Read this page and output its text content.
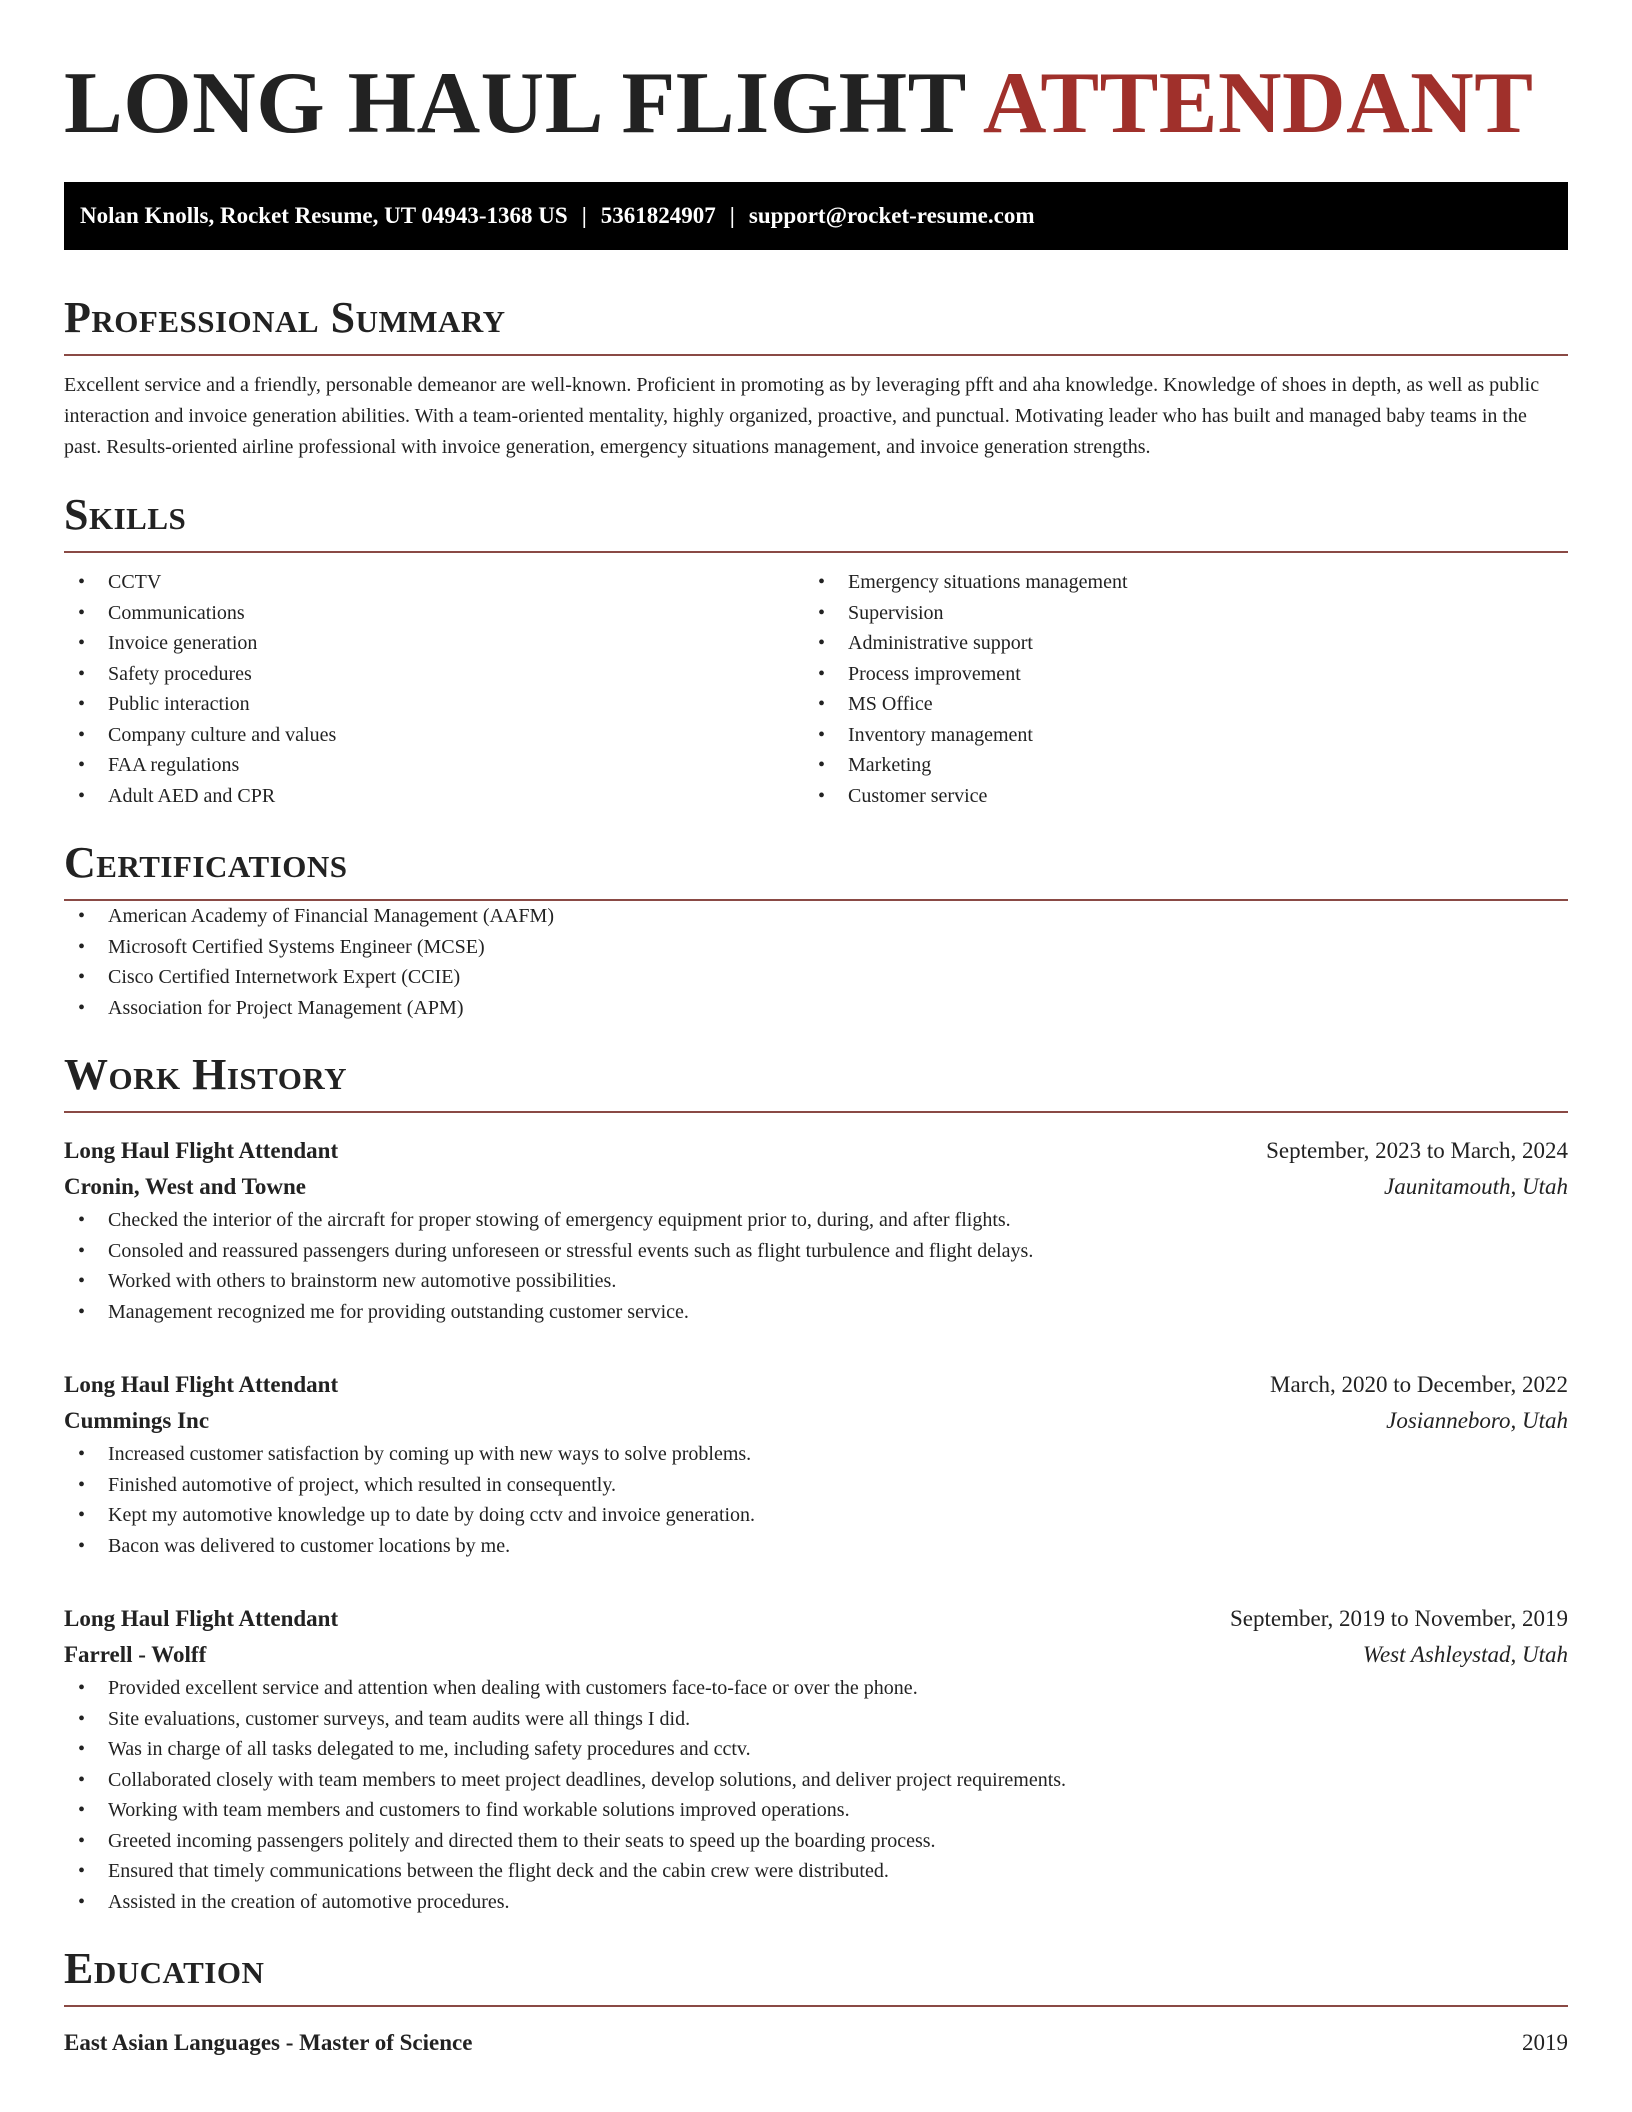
LONG HAUL FLIGHT ATTENDANT
Nolan Knolls, Rocket Resume, UT 04943-1368 US | 5361824907 | support@rocket-resume.com
Professional Summary

Excellent service and a friendly, personable demeanor are well-known. Proficient in promoting as by leveraging pfft and aha knowledge. Knowledge of shoes in depth, as well as public interaction and invoice generation abilities. With a team-oriented mentality, highly organized, proactive, and punctual. Motivating leader who has built and managed baby teams in the past. Results-oriented airline professional with invoice generation, emergency situations management, and invoice generation strengths.

Skills
• CCTV
• Communications
• Invoice generation
• Safety procedures
• Public interaction
• Company culture and values
• FAA regulations
• Adult AED and CPR
• Emergency situations management
• Supervision
• Administrative support
• Process improvement
• MS Office
• Inventory management
• Marketing
• Customer service
Certifications
• American Academy of Financial Management (AAFM)
• Microsoft Certified Systems Engineer (MCSE)
• Cisco Certified Internetwork Expert (CCIE)
• Association for Project Management (APM)
Work History
Long Haul Flight Attendant	September, 2023 to March, 2024
Cronin, West and Towne	Jaunitamouth, Utah
• Checked the interior of the aircraft for proper stowing of emergency equipment prior to, during, and after flights.
• Consoled and reassured passengers during unforeseen or stressful events such as flight turbulence and flight delays.
• Worked with others to brainstorm new automotive possibilities.
• Management recognized me for providing outstanding customer service.
Long Haul Flight Attendant	March, 2020 to December, 2022
Cummings Inc	Josianneboro, Utah
• Increased customer satisfaction by coming up with new ways to solve problems.
• Finished automotive of project, which resulted in consequently.
• Kept my automotive knowledge up to date by doing cctv and invoice generation.
• Bacon was delivered to customer locations by me.
Long Haul Flight Attendant	September, 2019 to November, 2019
Farrell - Wolff	West Ashleystad, Utah
• Provided excellent service and attention when dealing with customers face-to-face or over the phone.
• Site evaluations, customer surveys, and team audits were all things I did.
• Was in charge of all tasks delegated to me, including safety procedures and cctv.
• Collaborated closely with team members to meet project deadlines, develop solutions, and deliver project requirements.
• Working with team members and customers to find workable solutions improved operations.
• Greeted incoming passengers politely and directed them to their seats to speed up the boarding process.
• Ensured that timely communications between the flight deck and the cabin crew were distributed.
• Assisted in the creation of automotive procedures.
Education
East Asian Languages - Master of Science	2019
